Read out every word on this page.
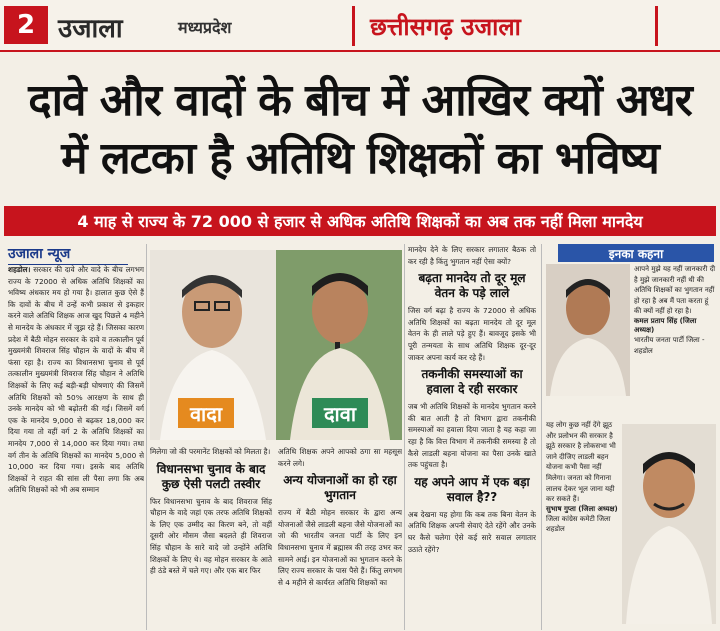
2 उजाला	मध्यप्रदेश	छत्तीसगढ़ उजाला
दावे और वादों के बीच में आखिर क्यों अधर
में लटका है अतिथि शिक्षकों का भविष्य
4 माह से राज्य के 72 000 से हजार से अधिक अतिथि शिक्षकों का अब तक नहीं मिला मानदेय
उजाला न्यूज
शहडोल। सरकार की दावे और वादे के बीच लगभग राज्य के 72000 से अधिक अतिथि शिक्षकों का भविष्य अंधकार मय हो गया है। हालात कुछ ऐसे हैं कि दावों के बीच में उन्हें कभी प्रकाश से इकहार करने वाले अतिथि शिक्षक आज खुद पिछले 4 महीने से मानदेय के अंधकार में जूझ रहे हैं। जिसका कारण प्रदेश में बैठी मोहन सरकार के दावे व तत्कालीन पूर्व मुख्यमंत्री शिवराज सिंह चौहान के वादों के बीच में फंसा रहा है। राज्य का विधानसभा चुनाव से पूर्व तत्कालीन मुख्यमंत्री शिवराज सिंह चौहान ने अतिथि शिक्षकों के लिए कई बड़ी-बड़ी घोषणाएं की जिसमें अतिथि शिक्षकों को 50% आरक्षण के साथ ही उनके मानदेय को भी बढ़ोतरी की गई। जिसमें वर्ग एक के मानदेय 9,000 से बढ़कर 18,000 कर दिया गया तो वहीं वर्ग 2 के अतिथि शिक्षकों का मानदेय 7,000 से 14,000 कर दिया गया। तथा वर्ग तीन के अतिथि शिक्षकों का मानदेय 5,000 से 10,000 कर दिया गया। इसके बाद अतिथि शिक्षकों ने राहत की सांस ली पैसा लगा कि अब अतिथि शिक्षकों को भी अब सम्मान
वादा	दावा
मिलेगा जो की परमानेंट शिक्षकों को मिलता है।
विधानसभा चुनाव के बाद कुछ ऐसी पलटी तस्वीर
फिर विधानसभा चुनाव के बाद शिवराज सिंह चौहान के वादे जहां एक तरफ अतिथि शिक्षकों के लिए एक उम्मीद का किरण बने, तो वहीं दूसरी ओर मौसम जैसा बदलते ही शिवराज सिंह चौहान के सारे वादे जो उन्होंने अतिथि शिक्षकों के लिए थे। वह मोहन सरकार के आते ही ठंडे बस्ते में चले गए। और एक बार फिर
अतिथि शिक्षक अपने आपको ठगा सा महसूस करने लगे।
अन्य योजनाओं का हो रहा भुगतान
राज्य में बैठी मोहन सरकार के द्वारा अन्य योजनाओं जैसे लाडली बहना जैसे योजनाओं का जो की भारतीय जनता पार्टी के लिए इन विधानसभा चुनाव में ब्रह्मास्त्र की तरह उभर कर सामने आई। इन योजनाओं का भुगतान करने के लिए राज्य सरकार के पास पैसे हैं। किंतु लगभग से 4 महीने से कार्यरत अतिथि शिक्षकों का
मानदेय देने के लिए सरकार लगातार बैठक तो कर रही है किंतु भुगतान नहीं ऐसा क्यों?
बढ़ता मानदेय तो दूर मूल वेतन के पड़े लाले
जिस वर्ग बढ़ा है राज्य के 72000 से अधिक अतिथि शिक्षकों का बढ़ता मानदेय तो दूर मूल वेतन के ही लाले पड़े हुए हैं। बावजूद इसके भी पूरी तन्मयता के साथ अतिथि शिक्षक दूर-दूर जाकर अपना कार्य कर रहे हैं।
तकनीकी समस्याओं का हवाला दे रही सरकार
जब भी अतिथि शिक्षकों के मानदेय भुगतान करने की बात आती है तो विभाग द्वारा तकनीकी समस्याओं का हवाला दिया जाता है यह कहा जा रहा है कि वित्त विभाग में तकनीकी समस्या है तो कैसे लाडली बहना योजना का पैसा उनके खाते तक पहुंचता है।
यह अपने आप में एक बड़ा सवाल है??
अब देखना यह होगा कि कब तक बिना वेतन के अतिथि शिक्षक अपनी सेवाएं देते रहेंगे और उनके घर कैसे चलेगा ऐसे कई सारे सवाल लगातार उठाते रहेंगे?
इनका कहना
आपने मुझे यह नहीं जानकारी दी है मुझे जानकारी नहीं थी की अतिथि शिक्षकों का भुगतान नहीं हो रहा है अब मैं पता करता हूं की क्यों नहीं हो रहा है।
कमल प्रताप सिंह (जिला अध्यक्ष)
भारतीय जनता पार्टी जिला - शहडोल
यह लोग कुछ नहीं देंगे झूठ और प्रलोभन की सरकार है झूठे सरकार है लोकसभा भी जाने दीजिए लाडली बहन योजना कभी पैसा नहीं मिलेगा। जनता को गिनाना लालच देकर भूल जाना यही कर सकते हैं।
सुभाष गुप्ता (जिला अध्यक्ष)
जिला कांग्रेस कमेटी जिला शहडोल
